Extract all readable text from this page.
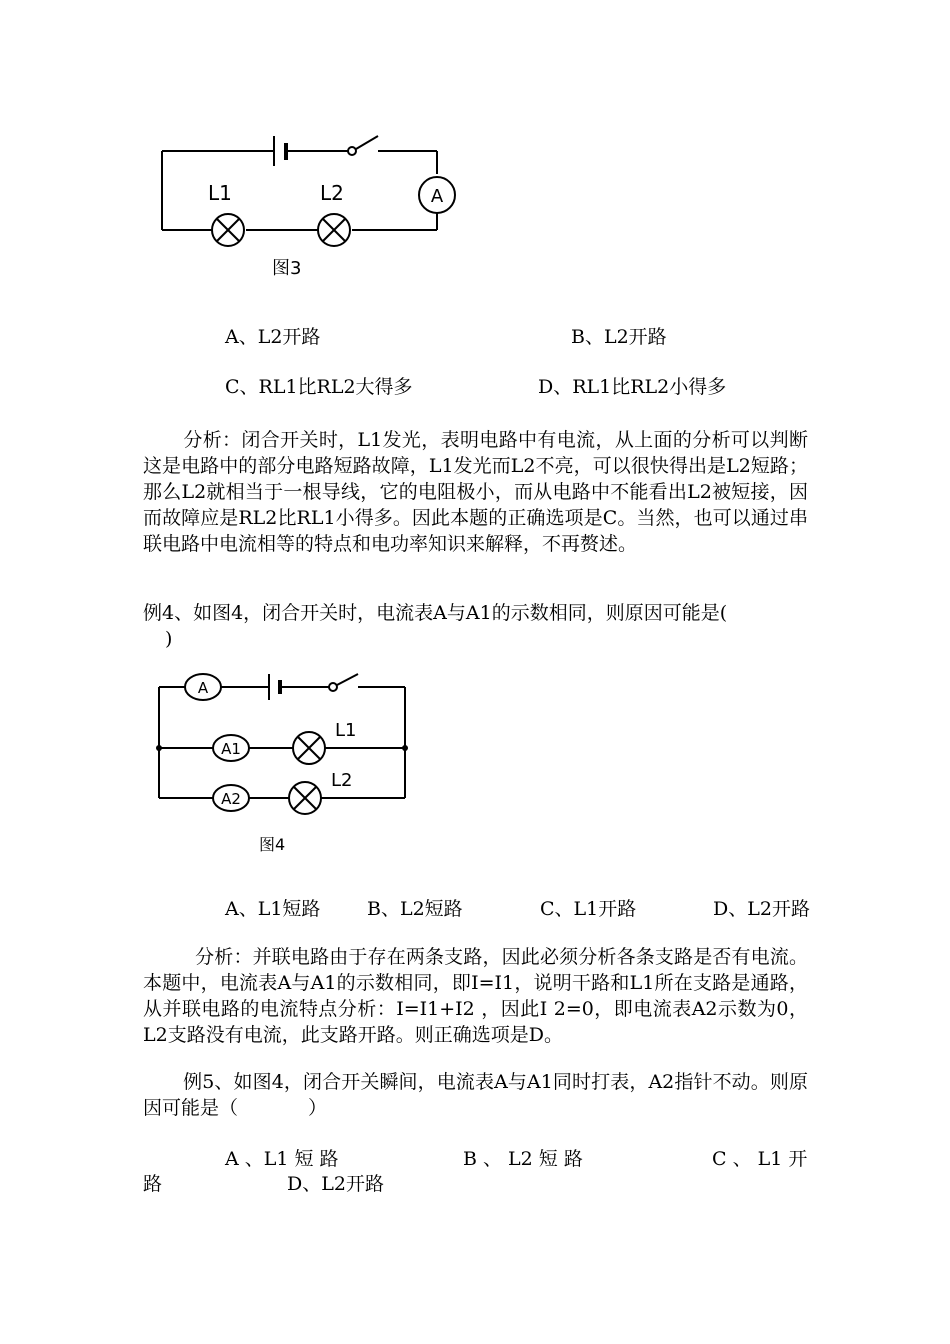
L1	L2	A
图3
A、L2开路	B、L2开路
C、RL1比RL2大得多	D、RL1比RL2小得多
分析：闭合开关时，L1发光，表明电路中有电流，从上面的分析可以判断这是电路中的部分电路短路故障，L1发光而L2不亮，可以很快得出是L2短路；那么L2就相当于一根导线，它的电阻极小，而从电路中不能看出L2被短接，因而故障应是RL2比RL1小得多。因此本题的正确选项是C。当然，也可以通过串联电路中电流相等的特点和电功率知识来解释，不再赘述。
例4、如图4，闭合开关时，电流表A与A1的示数相同，则原因可能是(
)
A
A1
A2
L1
L2
图4
A、L1短路 B、L2短路	C、L1开路	D、L2开路
分析：并联电路由于存在两条支路，因此必须分析各条支路是否有电流。本题中，电流表A与A1的示数相同，即I=I1，说明干路和L1所在支路是通路，从并联电路的电流特点分析：I=I1+I2 ，因此I 2=0，即电流表A2示数为0，L2支路没有电流，此支路开路。则正确选项是D。
例5、如图4，闭合开关瞬间，电流表A与A1同时打表，A2指针不动。则原因可能是（	）
A 、L1 短 路	B 、 L2 短 路	C 、 L1 开
路	D、L2开路
